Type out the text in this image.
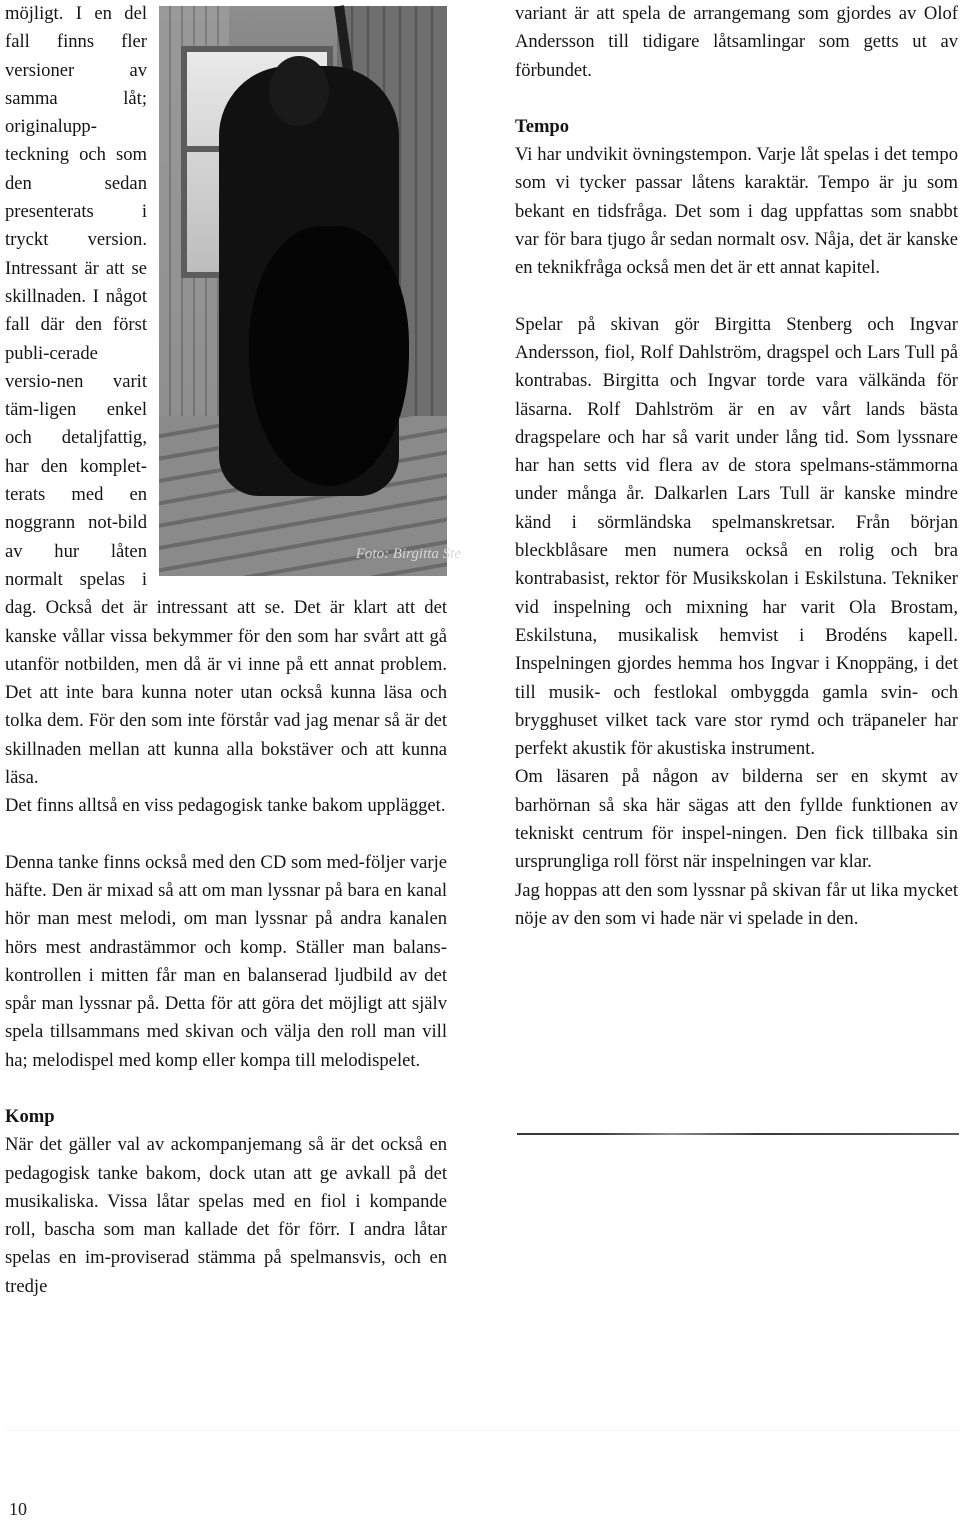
Foto: Birgitta Ste

möjligt. I en del fall finns fler versioner av samma låt; originalupp-teckning och som den sedan presenterats i tryckt version. Intressant är att se skillnaden. I något fall där den först publi-cerade versio-nen varit täm-ligen enkel och detaljfattig, har den komplet-terats med en noggrann not-bild av hur låten normalt spelas i dag. Också det är intressant att se. Det är klart att det kanske vållar vissa bekymmer för den som har svårt att gå utanför notbilden, men då är vi inne på ett annat problem. Det att inte bara kunna noter utan också kunna läsa och tolka dem. För den som inte förstår vad jag menar så är det skillnaden mellan att kunna alla bokstäver och att kunna läsa.

Det finns alltså en viss pedagogisk tanke bakom upplägget.

Denna tanke finns också med den CD som med-följer varje häfte. Den är mixad så att om man lyssnar på bara en kanal hör man mest melodi, om man lyssnar på andra kanalen hörs mest andrastämmor och komp. Ställer man balans-kontrollen i mitten får man en balanserad ljudbild av det spår man lyssnar på. Detta för att göra det möjligt att själv spela tillsammans med skivan och välja den roll man vill ha; melodispel med komp eller kompa till melodispelet.

Komp

När det gäller val av ackompanjemang så är det också en pedagogisk tanke bakom, dock utan att ge avkall på det musikaliska. Vissa låtar spelas med en fiol i kompande roll, bascha som man kallade det för förr. I andra låtar spelas en im-proviserad stämma på spelmansvis, och en tredje

variant är att spela de arrangemang som gjordes av Olof Andersson till tidigare låtsamlingar som getts ut av förbundet.

Tempo

Vi har undvikit övningstempon. Varje låt spelas i det tempo som vi tycker passar låtens karaktär. Tempo är ju som bekant en tidsfråga. Det som i dag uppfattas som snabbt var för bara tjugo år sedan normalt osv. Nåja, det är kanske en teknikfråga också men det är ett annat kapitel.

Spelar på skivan gör Birgitta Stenberg och Ingvar Andersson, fiol, Rolf Dahlström, dragspel och Lars Tull på kontrabas. Birgitta och Ingvar torde vara välkända för läsarna. Rolf Dahlström är en av vårt lands bästa dragspelare och har så varit under lång tid. Som lyssnare har han setts vid flera av de stora spelmans-stämmorna under många år. Dalkarlen Lars Tull är kanske mindre känd i sörmländska spelmanskretsar. Från början bleckblåsare men numera också en rolig och bra kontrabasist, rektor för Musikskolan i Eskilstuna. Tekniker vid inspelning och mixning har varit Ola Brostam, Eskilstuna, musikalisk hemvist i Brodéns kapell. Inspelningen gjordes hemma hos Ingvar i Knoppäng, i det till musik- och festlokal ombyggda gamla svin- och brygghuset vilket tack vare stor rymd och träpaneler har perfekt akustik för akustiska instrument.

Om läsaren på någon av bilderna ser en skymt av barhörnan så ska här sägas att den fyllde funktionen av tekniskt centrum för inspel-ningen. Den fick tillbaka sin ursprungliga roll först när inspelningen var klar.

Jag hoppas att den som lyssnar på skivan får ut lika mycket nöje av den som vi hade när vi spelade in den.

10
